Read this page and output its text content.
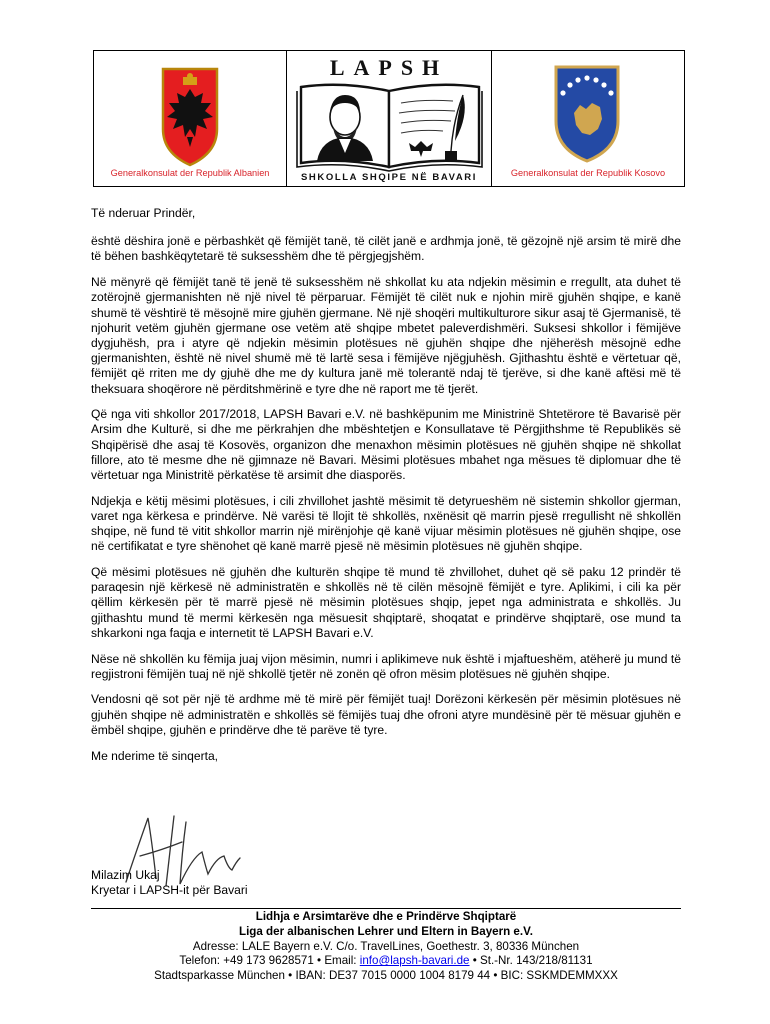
Generalkonsulat der Republik Albanien
LAPSH
SHKOLLA SHQIPE NË BAVARI	Generalkonsulat der Republik Kosovo

Të nderuar Prindër,

është dëshira jonë e përbashkët që fëmijët tanë, të cilët janë e ardhmja jonë, të gëzojnë një arsim të mirë dhe të bëhen bashkëqytetarë të suksesshëm dhe të përgjegjshëm.

Në mënyrë që fëmijët tanë të jenë të suksesshëm në shkollat ku ata ndjekin mësimin e rregullt, ata duhet të zotërojnë gjermanishten në një nivel të përparuar. Fëmijët të cilët nuk e njohin mirë gjuhën shqipe, e kanë shumë të vështirë të mësojnë mire gjuhën gjermane. Në një shoqëri multikulturore sikur asaj të Gjermanisë, të njohurit vetëm gjuhën gjermane ose vetëm atë shqipe mbetet paleverdishmëri. Suksesi shkollor i fëmijëve dygjuhësh, pra i atyre që ndjekin mësimin plotësues në gjuhën shqipe dhe njëherësh mësojnë edhe gjermanishten, është në nivel shumë më të lartë sesa i fëmijëve njëgjuhësh. Gjithashtu është e vërtetuar që, fëmijët që rriten me dy gjuhë dhe me dy kultura janë më tolerantë ndaj të tjerëve, si dhe kanë aftësi më të theksuara shoqërore në përditshmërinë e tyre dhe në raport me të tjerët.

Që nga viti shkollor 2017/2018, LAPSH Bavari e.V. në bashkëpunim me Ministrinë Shtetërore të Bavarisë për Arsim dhe Kulturë, si dhe me përkrahjen dhe mbështetjen e Konsullatave të Përgjithshme të Republikës së Shqipërisë dhe asaj të Kosovës, organizon dhe menaxhon mësimin plotësues në gjuhën shqipe në shkollat fillore, ato të mesme dhe në gjimnaze në Bavari. Mësimi plotësues mbahet nga mësues të diplomuar dhe të vërtetuar nga Ministritë përkatëse të arsimit dhe diasporës.

Ndjekja e këtij mësimi plotësues, i cili zhvillohet jashtë mësimit të detyrueshëm në sistemin shkollor gjerman, varet nga kërkesa e prindërve. Në varësi të llojit të shkollës, nxënësit që marrin pjesë rregullisht në shkollën shqipe, në fund të vitit shkollor marrin një mirënjohje që kanë vijuar mësimin plotësues në gjuhën shqipe, ose në certifikatat e tyre shënohet që kanë marrë pjesë në mësimin plotësues në gjuhën shqipe.

Që mësimi plotësues në gjuhën dhe kulturën shqipe të mund të zhvillohet, duhet që së paku 12 prindër të paraqesin një kërkesë në administratën e shkollës në të cilën mësojnë fëmijët e tyre. Aplikimi, i cili ka për qëllim kërkesën për të marrë pjesë në mësimin plotësues shqip, jepet nga administrata e shkollës. Ju gjithashtu mund të mermi kërkesën nga mësuesit shqiptarë, shoqatat e prindërve shqiptarë, ose mund ta shkarkoni nga faqja e internetit të LAPSH Bavari e.V.

Nëse në shkollën ku fëmija juaj vijon mësimin, numri i aplikimeve nuk është i mjaftueshëm, atëherë ju mund të regjistroni fëmijën tuaj në një shkollë tjetër në zonën që ofron mësim plotësues në gjuhën shqipe.

Vendosni që sot për një të ardhme më të mirë për fëmijët tuaj! Dorëzoni kërkesën për mësimin plotësues në gjuhën shqipe në administratën e shkollës së fëmijës tuaj dhe ofroni atyre mundësinë për të mësuar gjuhën e ëmbël shqipe, gjuhën e prindërve dhe të parëve të tyre.

Me nderime të sinqerta,

Milazim Ukaj
Kryetar i LAPSH-it për Bavari
Lidhja e Arsimtarëve dhe e Prindërve Shqiptarë
Liga der albanischen Lehrer und Eltern in Bayern e.V.
Adresse: LALE Bayern e.V. C/o. TravelLines, Goethestr. 3, 80336 München
Telefon: +49 173 9628571 • Email: info@lapsh-bavari.de • St.-Nr. 143/218/81131
Stadtsparkasse München • IBAN: DE37 7015 0000 1004 8179 44 • BIC: SSKMDEMMXXX
